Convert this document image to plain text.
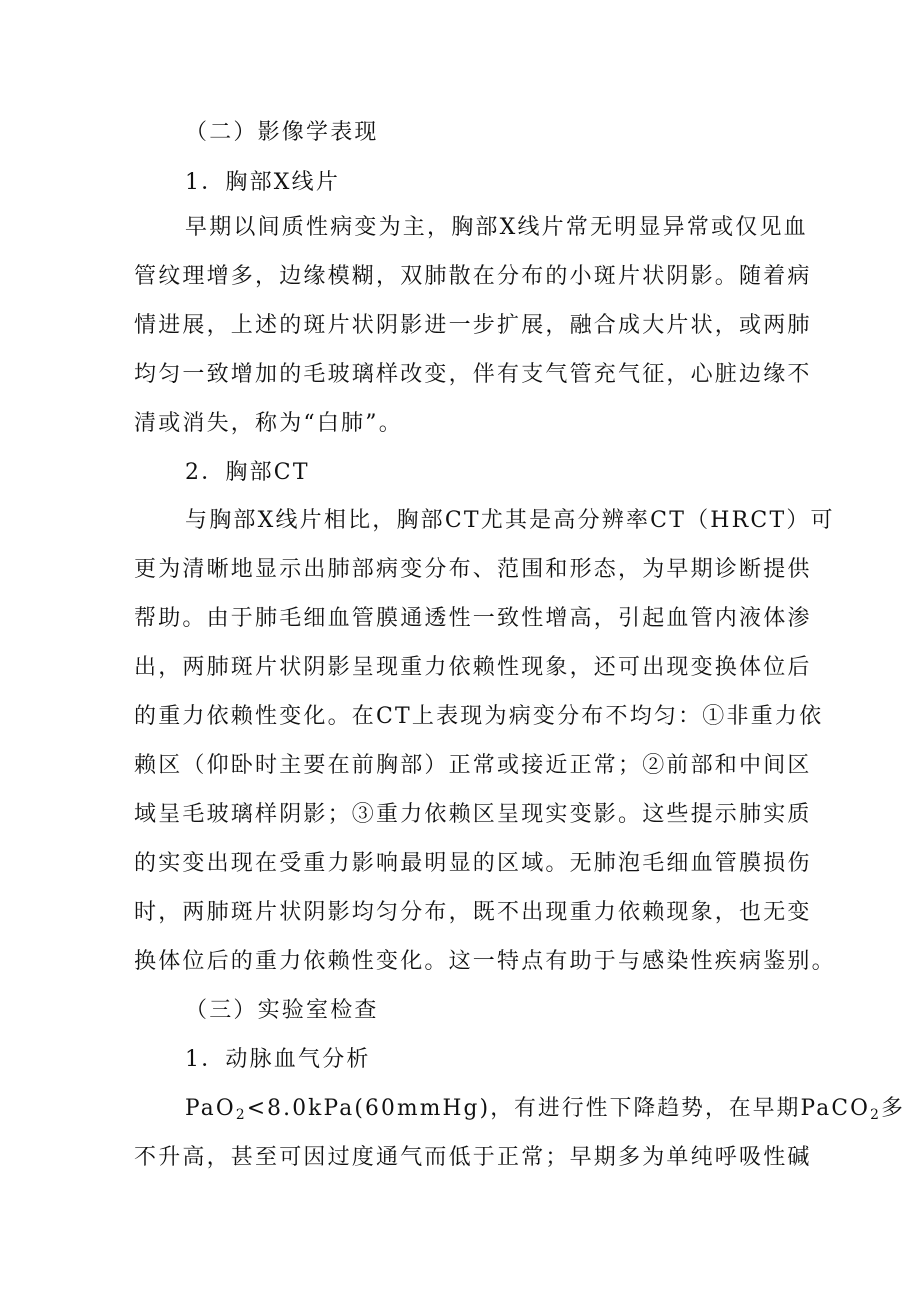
（二）影像学表现
1．胸部X线片
早期以间质性病变为主，胸部X线片常无明显异常或仅见血
管纹理增多，边缘模糊，双肺散在分布的小斑片状阴影。随着病
情进展，上述的斑片状阴影进一步扩展，融合成大片状，或两肺
均匀一致增加的毛玻璃样改变，伴有支气管充气征，心脏边缘不
清或消失，称为“白肺”。
2．胸部CT
与胸部X线片相比，胸部CT尤其是高分辨率CT（HRCT）可
更为清晰地显示出肺部病变分布、范围和形态，为早期诊断提供
帮助。由于肺毛细血管膜通透性一致性增高，引起血管内液体渗
出，两肺斑片状阴影呈现重力依赖性现象，还可出现变换体位后
的重力依赖性变化。在CT上表现为病变分布不均匀：①非重力依
赖区（仰卧时主要在前胸部）正常或接近正常；②前部和中间区
域呈毛玻璃样阴影；③重力依赖区呈现实变影。这些提示肺实质
的实变出现在受重力影响最明显的区域。无肺泡毛细血管膜损伤
时，两肺斑片状阴影均匀分布，既不出现重力依赖现象，也无变
换体位后的重力依赖性变化。这一特点有助于与感染性疾病鉴别。
（三）实验室检查
1．动脉血气分析
PaO$_2$<8.0kPa(60mmHg)，有进行性下降趋势，在早期PaCO$_2$多
不升高，甚至可因过度通气而低于正常；早期多为单纯呼吸性碱
